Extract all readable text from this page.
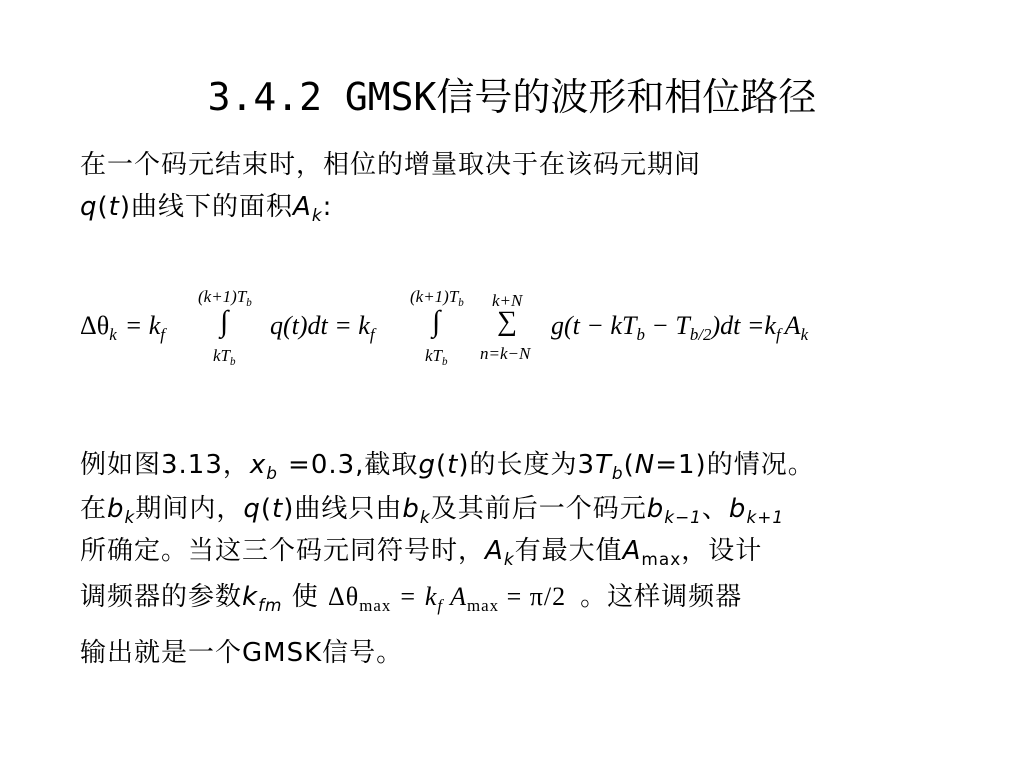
3.4.2 GMSK信号的波形和相位路径
在一个码元结束时，相位的增量取决于在该码元期间
q(t)曲线下的面积$A_k$:
$\Delta\theta_k = k_f$
$(k+1)T_b$
∫
$kT_b$
$q(t)dt = k_f$
$(k+1)T_b$
∫
$kT_b$
k+N
∑
n=k−N
$g(t - kT_b - T_{b/2})dt =k_f$ $A_k$
例如图3.13，$x_b =0.3$,截取g(t)的长度为$3T_b(N=1)$的情况。
在$b_k$期间内，q(t)曲线只由$b_k$及其前后一个码元$b_{k-1}$、$b_{k+1}$
所确定。当这三个码元同符号时，$A_k$有最大值$A_{max}$，设计
调频器的参数$k_{fm}$ 使 $\Delta\theta_{max} = k_f$ $A_{max} = \pi/2$ 。这样调频器
输出就是一个GMSK信号。
